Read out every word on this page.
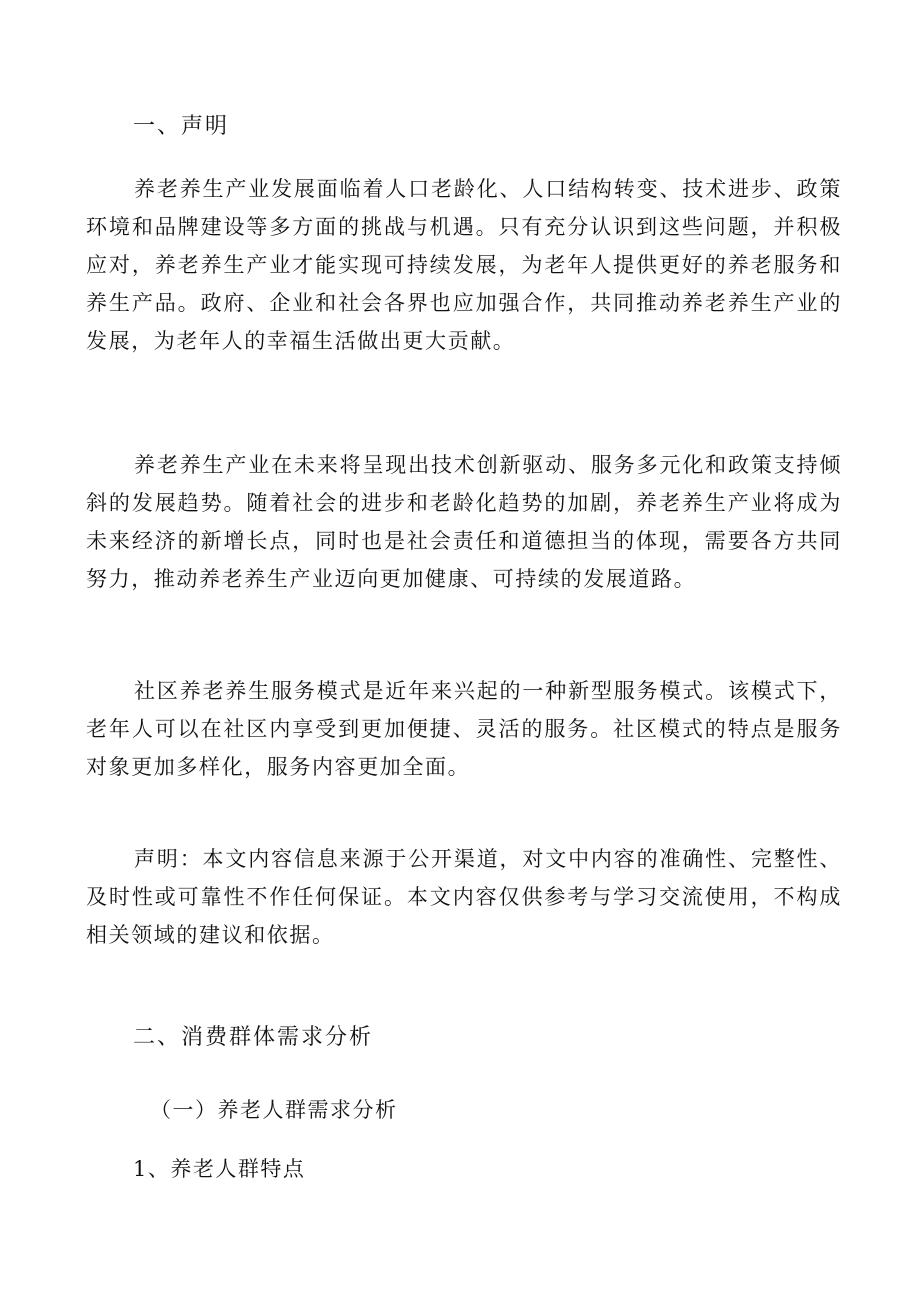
一、声明

养老养生产业发展面临着人口老龄化、人口结构转变、技术进步、政策环境和品牌建设等多方面的挑战与机遇。只有充分认识到这些问题，并积极应对，养老养生产业才能实现可持续发展，为老年人提供更好的养老服务和养生产品。政府、企业和社会各界也应加强合作，共同推动养老养生产业的发展，为老年人的幸福生活做出更大贡献。

养老养生产业在未来将呈现出技术创新驱动、服务多元化和政策支持倾斜的发展趋势。随着社会的进步和老龄化趋势的加剧，养老养生产业将成为未来经济的新增长点，同时也是社会责任和道德担当的体现，需要各方共同努力，推动养老养生产业迈向更加健康、可持续的发展道路。

社区养老养生服务模式是近年来兴起的一种新型服务模式。该模式下，老年人可以在社区内享受到更加便捷、灵活的服务。社区模式的特点是服务对象更加多样化，服务内容更加全面。

声明：本文内容信息来源于公开渠道，对文中内容的准确性、完整性、及时性或可靠性不作任何保证。本文内容仅供参考与学习交流使用，不构成相关领域的建议和依据。

二、消费群体需求分析

（一）养老人群需求分析

1、养老人群特点
